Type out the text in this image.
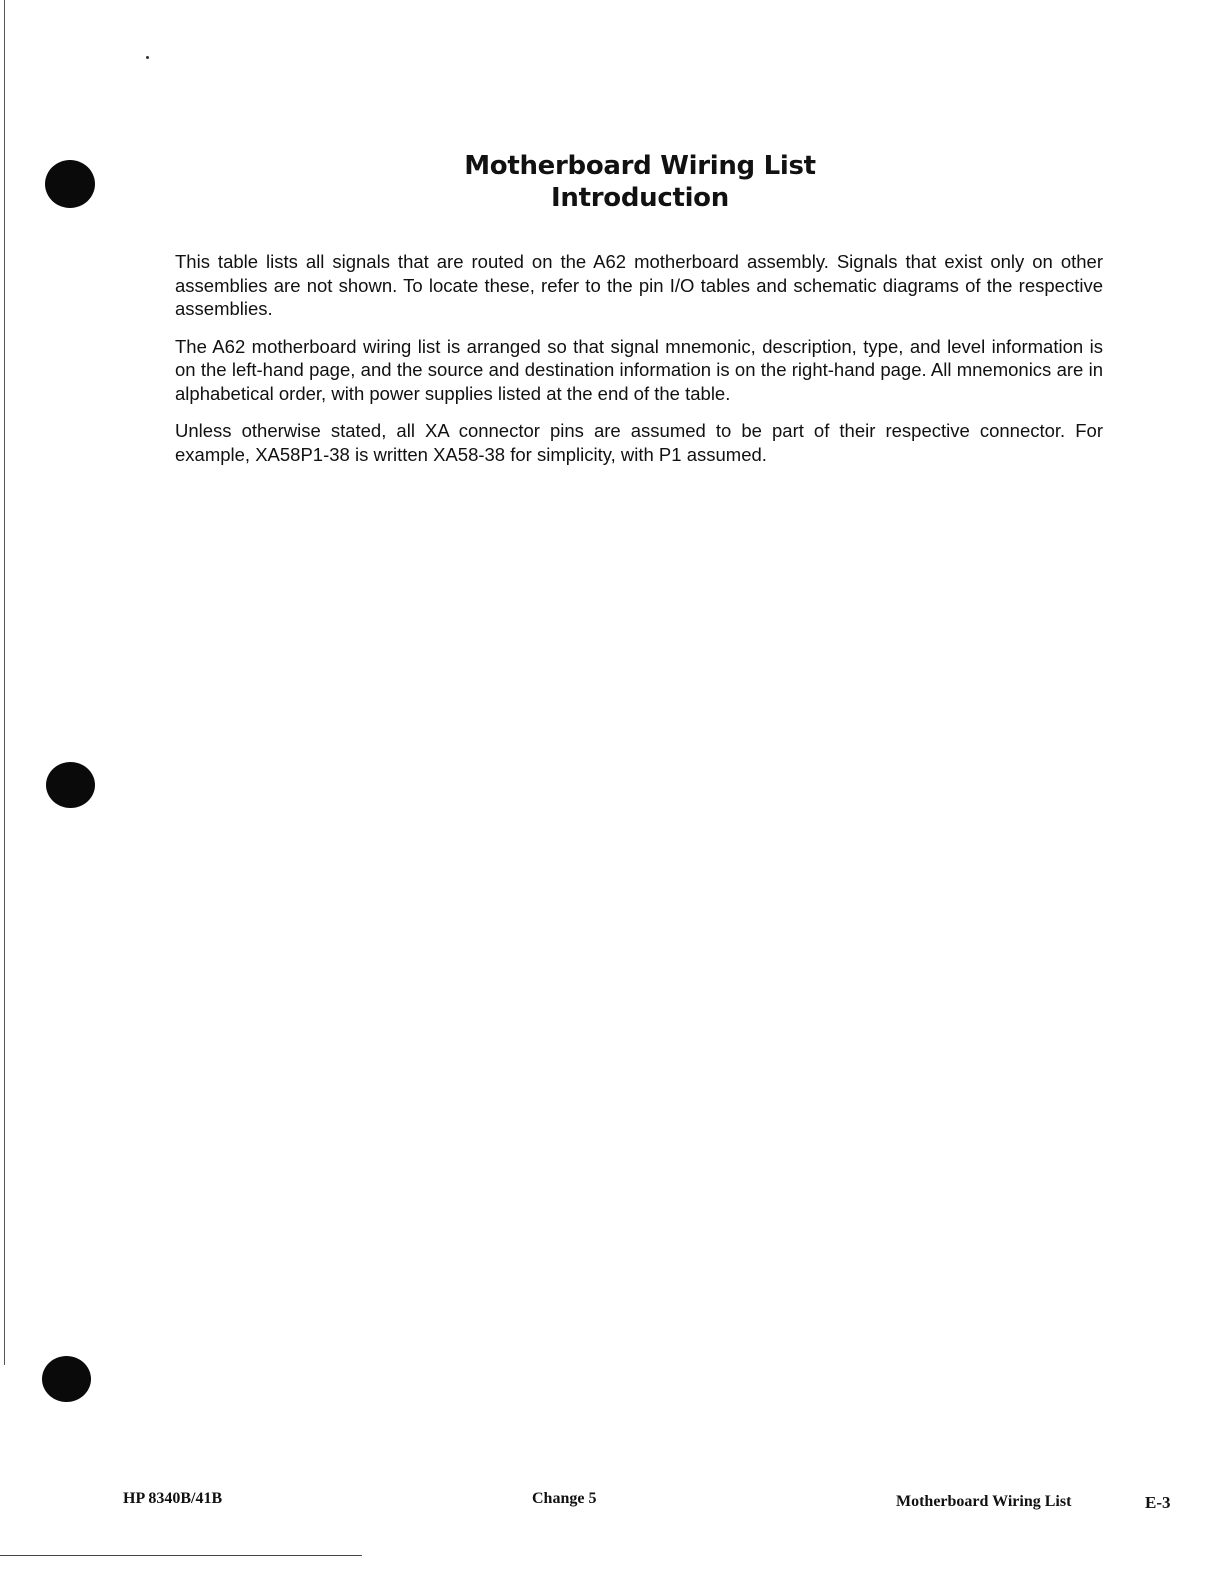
Motherboard Wiring List
Introduction

This table lists all signals that are routed on the A62 motherboard assembly. Signals that exist only on other assemblies are not shown. To locate these, refer to the pin I/O tables and schematic diagrams of the respective assemblies.

The A62 motherboard wiring list is arranged so that signal mnemonic, description, type, and level information is on the left-hand page, and the source and destination information is on the right-hand page. All mnemonics are in alphabetical order, with power supplies listed at the end of the table.

Unless otherwise stated, all XA connector pins are assumed to be part of their respective connector. For example, XA58P1-38 is written XA58-38 for simplicity, with P1 assumed.

HP 8340B/41B	Change 5	Motherboard Wiring List	E-3
